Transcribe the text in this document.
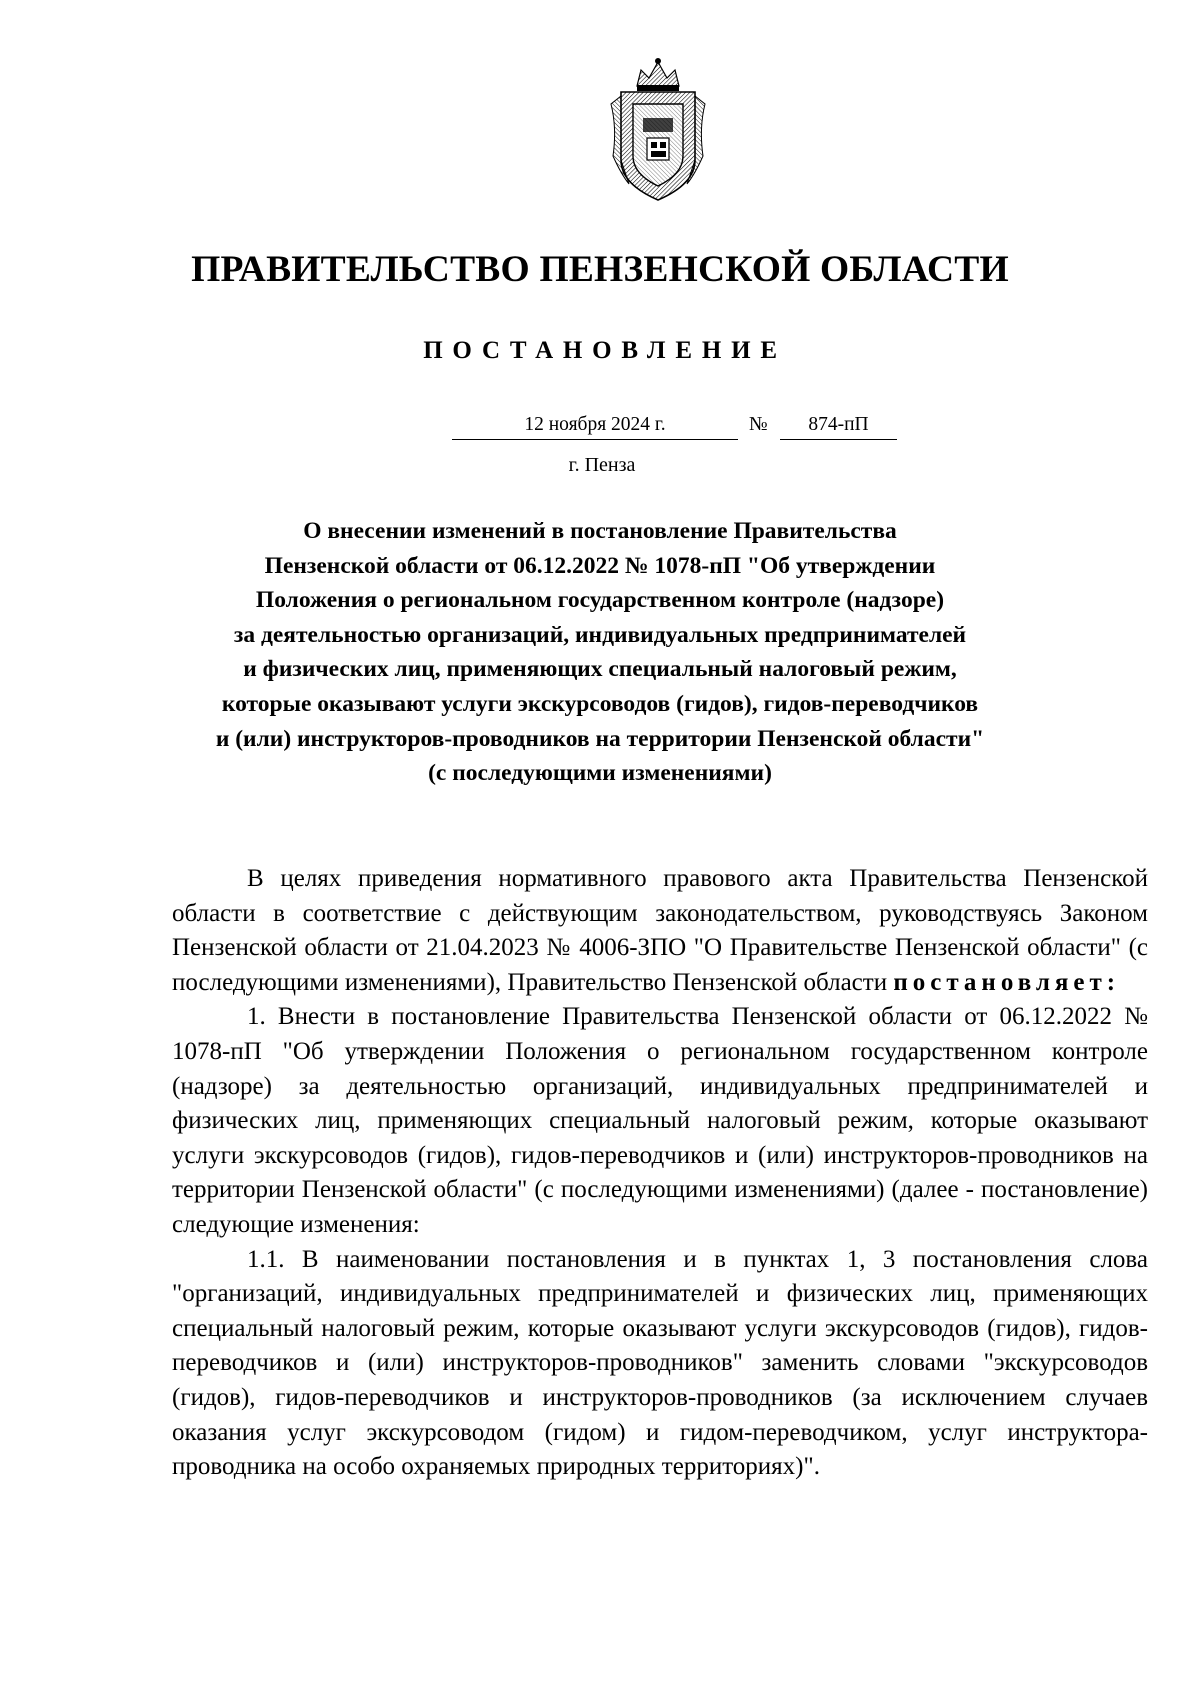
ПРАВИТЕЛЬСТВО ПЕНЗЕНСКОЙ ОБЛАСТИ
ПОСТАНОВЛЕНИЕ
12 ноября 2024 г.	№	874-пП
г. Пенза
О внесении изменений в постановление Правительства
Пензенской области от 06.12.2022 № 1078-пП "Об утверждении
Положения о региональном государственном контроле (надзоре)
за деятельностью организаций, индивидуальных предпринимателей
и физических лиц, применяющих специальный налоговый режим,
которые оказывают услуги экскурсоводов (гидов), гидов-переводчиков
и (или) инструкторов-проводников на территории Пензенской области"
(с последующими изменениями)

В целях приведения нормативного правового акта Правительства Пензенской области в соответствие с действующим законодательством, руководствуясь Законом Пензенской области от 21.04.2023 № 4006-ЗПО "О Правительстве Пензенской области" (с последующими изменениями), Правительство Пензенской области постановляет:

1. Внести в постановление Правительства Пензенской области от 06.12.2022 № 1078-пП "Об утверждении Положения о региональном государственном контроле (надзоре) за деятельностью организаций, индивидуальных предпринимателей и физических лиц, применяющих специальный налоговый режим, которые оказывают услуги экскурсоводов (гидов), гидов-переводчиков и (или) инструкторов-проводников на территории Пензенской области" (с последующими изменениями) (далее - постановление) следующие изменения:

1.1. В наименовании постановления и в пунктах 1, 3 постановления слова "организаций, индивидуальных предпринимателей и физических лиц, применяющих специальный налоговый режим, которые оказывают услуги экскурсоводов (гидов), гидов-переводчиков и (или) инструкторов-проводников" заменить словами "экскурсоводов (гидов), гидов-переводчиков и инструкторов-проводников (за исключением случаев оказания услуг экскурсоводом (гидом) и гидом-переводчиком, услуг инструктора-проводника на особо охраняемых природных территориях)".
